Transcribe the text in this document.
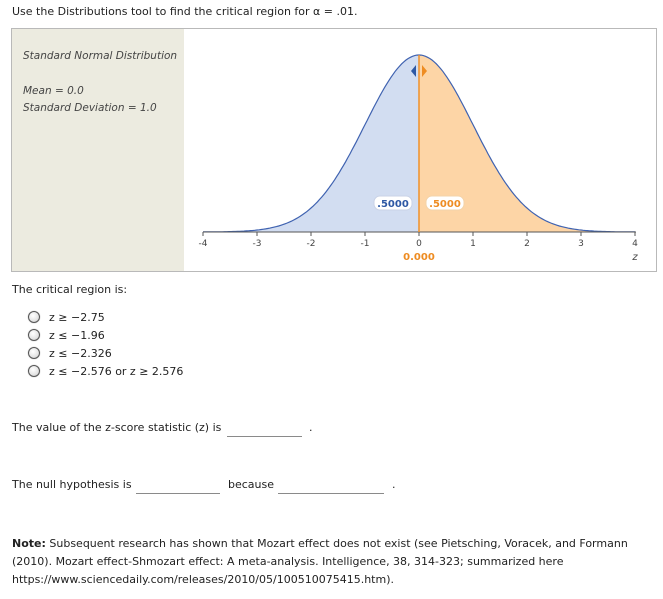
Use the Distributions tool to find the critical region for α = .01.
Standard Normal Distribution
Mean = 0.0
Standard Deviation = 1.0
-4	-3	-2	-1	0	1	2	3	4
.5000 .5000
0.000	z
The critical region is:
z ≥ −2.75
z ≤ −1.96
z ≤ −2.326
z ≤ −2.576 or z ≥ 2.576
The value of the z-score statistic (z) is	.
The null hypothesis is	because	.
Note: Subsequent research has shown that Mozart effect does not exist (see Pietsching, Voracek, and Formann (2010). Mozart effect-Shmozart effect: A meta-analysis. Intelligence, 38, 314-323; summarized here https://www.sciencedaily.com/releases/2010/05/100510075415.htm).
